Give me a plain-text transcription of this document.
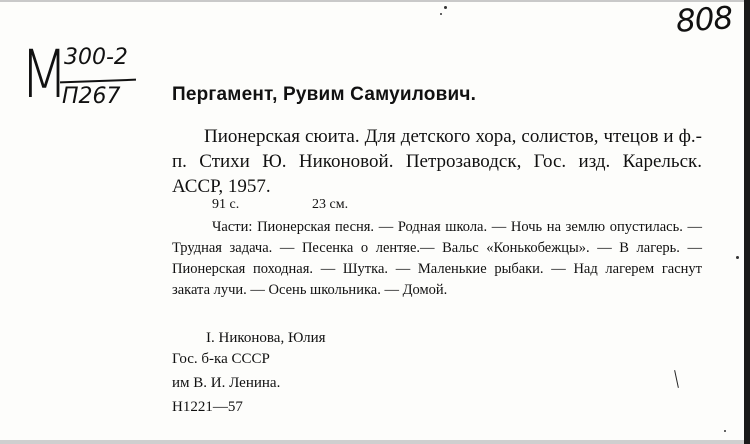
808
М
300-2
П267	Пергамент, Рувим Самуилович.

Пионерская сюита. Для детского хора, солистов, чтецов и ф.-п. Стихи Ю. Никоновой. Петрозаводск, Гос. изд. Карельск. АССР, 1957.

91 с.	23 см.

Части: Пионерская песня. — Родная школа. — Ночь на землю опустилась. — Трудная задача. — Песенка о лентяе.— Вальс «Конькобежцы». — В лагерь. — Пионерская походная. — Шутка. — Маленькие рыбаки. — Над лагерем гаснут заката лучи. — Осень школьника. — Домой.

I. Никонова, Юлия
Гос. б-ка СССР
им В. И. Ленина.
Н1221—57
